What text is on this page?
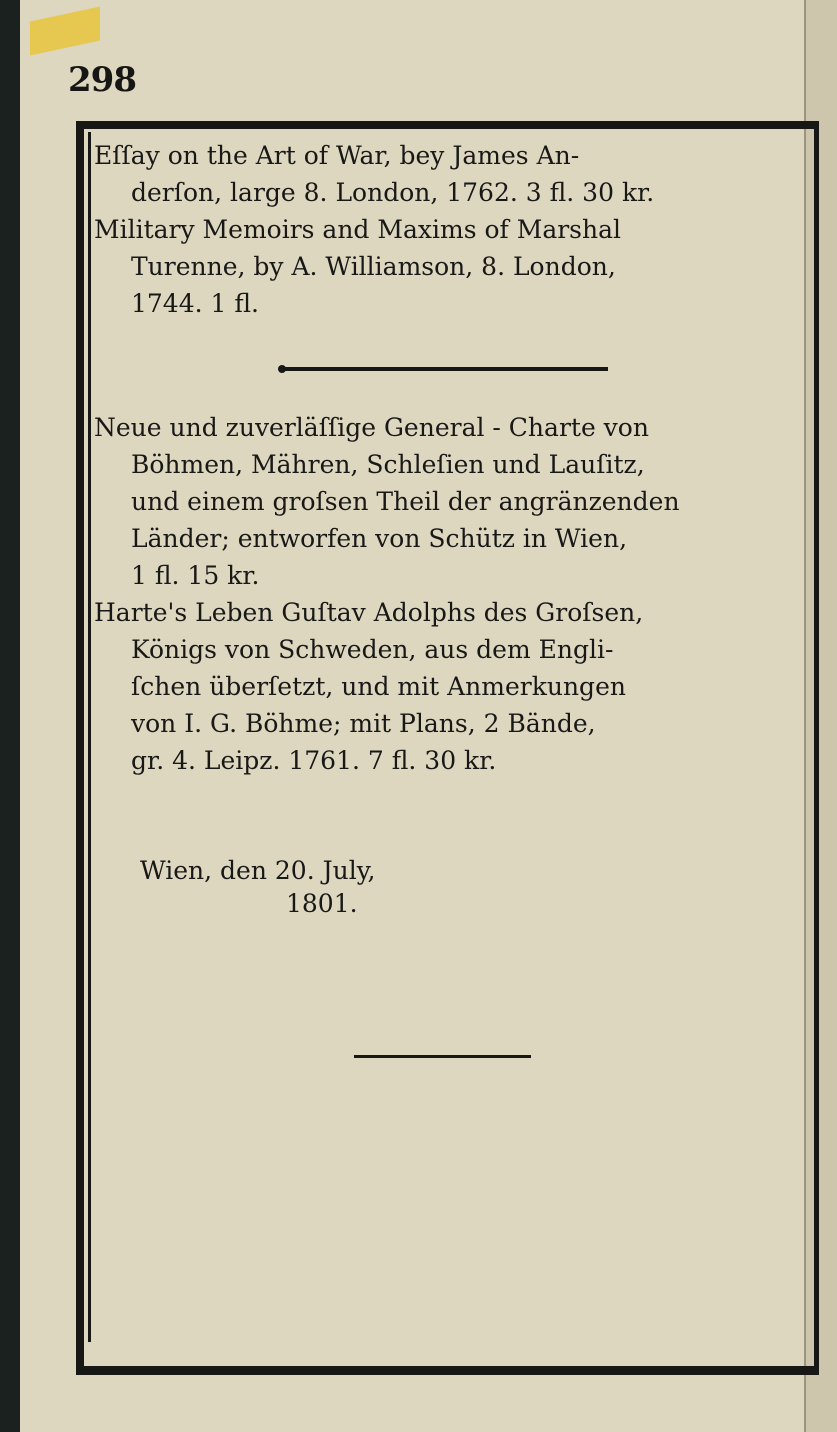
298
Eſſay on the Art of War, bey James An-
derſon, large 8. London, 1762. 3 fl. 30 kr.
Military Memoirs and Maxims of Marshal
Turenne, by A. Williamson, 8. London,
1744. 1 fl.
Neue und zuverläſſige General - Charte von
Böhmen, Mähren, Schleſien und Lauſitz,
und einem groſsen Theil der angränzenden
Länder; entworfen von Schütz in Wien,
1 fl. 15 kr.
Harte's Leben Guſtav Adolphs des Groſsen,
Königs von Schweden, aus dem Engli-
ſchen überſetzt, und mit Anmerkungen
von I. G. Böhme; mit Plans, 2 Bände,
gr. 4. Leipz. 1761. 7 fl. 30 kr.
Wien, den 20. July,
1801.
